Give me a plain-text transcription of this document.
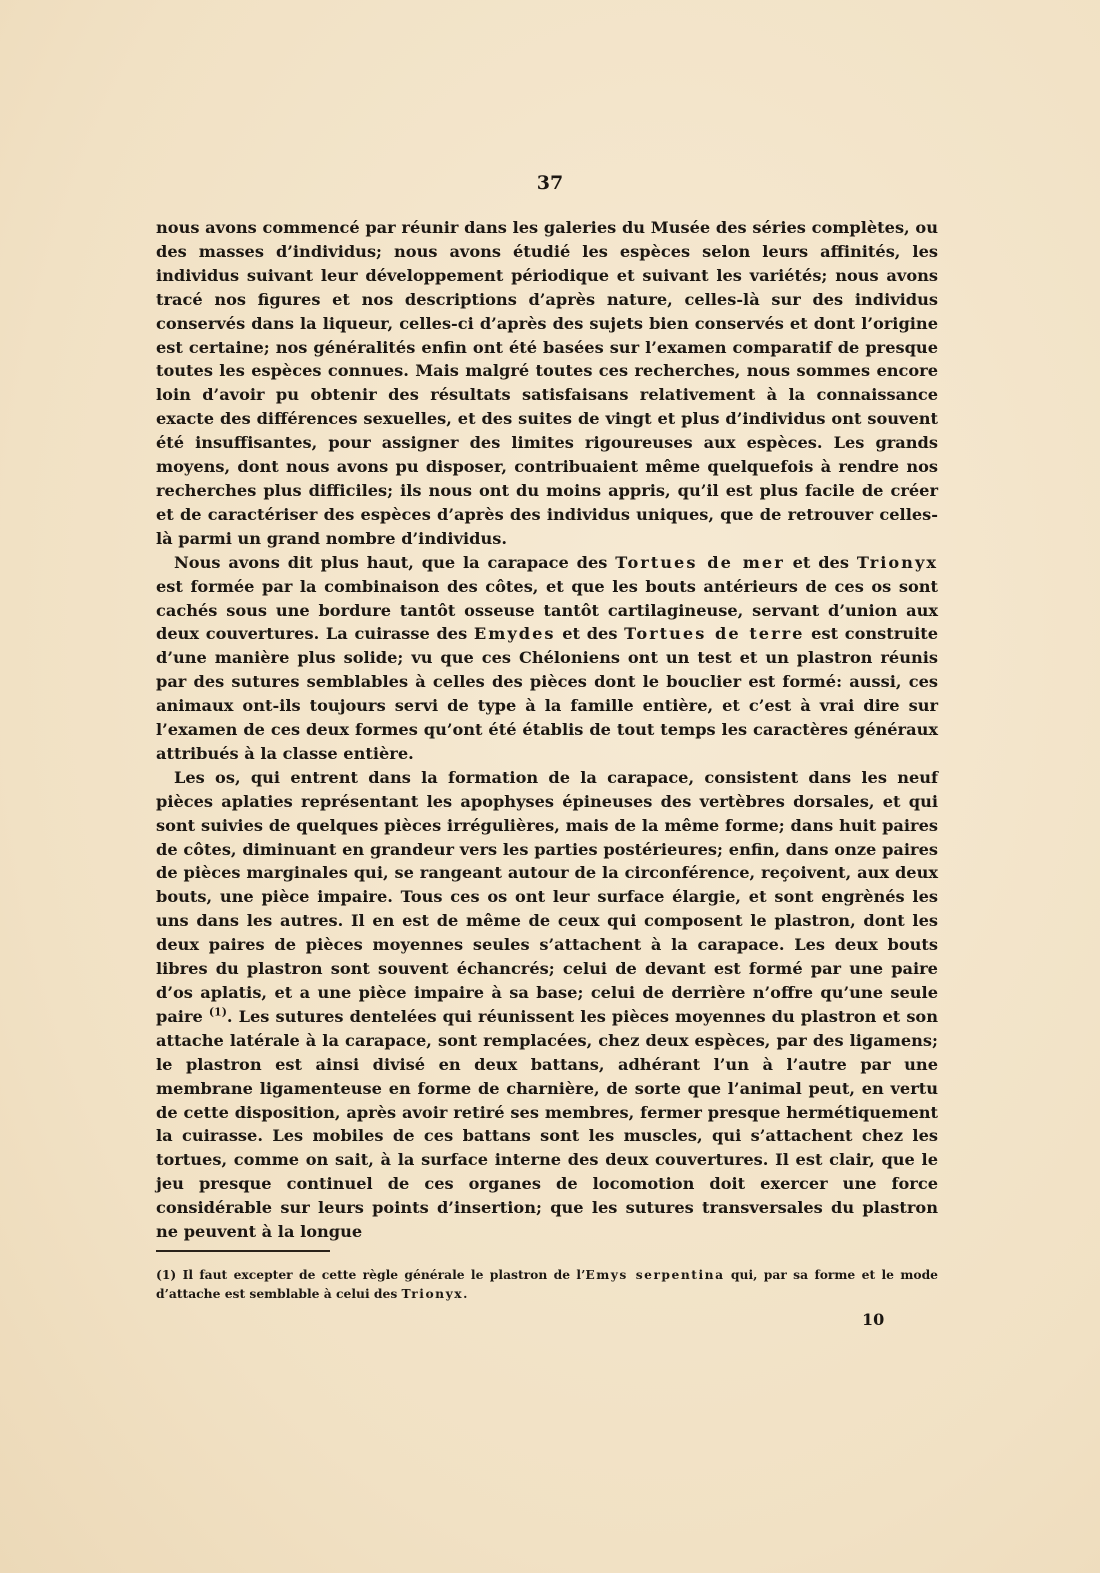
37

nous avons commencé par réunir dans les galeries du Musée des séries complètes, ou des masses d’individus; nous avons étudié les espèces selon leurs affinités, les individus suivant leur développement périodique et suivant les variétés; nous avons tracé nos figures et nos descriptions d’après nature, celles-là sur des individus conservés dans la liqueur, celles-ci d’après des sujets bien conservés et dont l’origine est certaine; nos généralités enfin ont été basées sur l’examen comparatif de presque toutes les espèces connues. Mais malgré toutes ces recherches, nous sommes encore loin d’avoir pu obtenir des résultats satisfaisans relativement à la connaissance exacte des différences sexuelles, et des suites de vingt et plus d’individus ont souvent été insuffisantes, pour assigner des limites rigoureuses aux espèces. Les grands moyens, dont nous avons pu disposer, contribuaient même quelquefois à rendre nos recherches plus difficiles; ils nous ont du moins appris, qu’il est plus facile de créer et de caractériser des espèces d’après des individus uniques, que de retrouver celles-là parmi un grand nombre d’individus.

Nous avons dit plus haut, que la carapace des Tortues de mer et des Trionyx est formée par la combinaison des côtes, et que les bouts antérieurs de ces os sont cachés sous une bordure tantôt osseuse tantôt cartilagineuse, servant d’union aux deux couvertures. La cuirasse des Emydes et des Tortues de terre est construite d’une manière plus solide; vu que ces Chéloniens ont un test et un plastron réunis par des sutures semblables à celles des pièces dont le bouclier est formé: aussi, ces animaux ont-ils toujours servi de type à la famille entière, et c’est à vrai dire sur l’examen de ces deux formes qu’ont été établis de tout temps les caractères généraux attribués à la classe entière.

Les os, qui entrent dans la formation de la carapace, consistent dans les neuf pièces aplaties représentant les apophyses épineuses des vertèbres dorsales, et qui sont suivies de quelques pièces irrégulières, mais de la même forme; dans huit paires de côtes, diminuant en grandeur vers les parties postérieures; enfin, dans onze paires de pièces marginales qui, se rangeant autour de la circonférence, reçoivent, aux deux bouts, une pièce impaire. Tous ces os ont leur surface élargie, et sont engrènés les uns dans les autres. Il en est de même de ceux qui composent le plastron, dont les deux paires de pièces moyennes seules s’attachent à la carapace. Les deux bouts libres du plastron sont souvent échancrés; celui de devant est formé par une paire d’os aplatis, et a une pièce impaire à sa base; celui de derrière n’offre qu’une seule paire $^{(1)}$. Les sutures dentelées qui réunissent les pièces moyennes du plastron et son attache latérale à la carapace, sont remplacées, chez deux espèces, par des ligamens; le plastron est ainsi divisé en deux battans, adhérant l’un à l’autre par une membrane ligamenteuse en forme de charnière, de sorte que l’animal peut, en vertu de cette disposition, après avoir retiré ses membres, fermer presque hermétiquement la cuirasse. Les mobiles de ces battans sont les muscles, qui s’attachent chez les tortues, comme on sait, à la surface interne des deux couvertures. Il est clair, que le jeu presque continuel de ces organes de locomotion doit exercer une force considérable sur leurs points d’insertion; que les sutures transversales du plastron ne peuvent à la longue

(1) Il faut excepter de cette règle générale le plastron de l’Emys serpentina qui, par sa forme et le mode d’attache est semblable à celui des Trionyx.
10
